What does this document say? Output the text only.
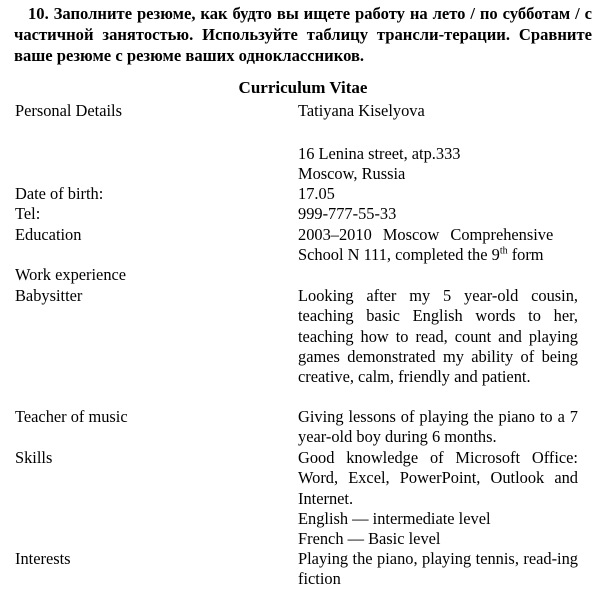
10. Заполните резюме, как будто вы ищете работу на лето / по субботам / с частичной занятостью. Используйте таблицу трансли-терации. Сравните ваше резюме с резюме ваших одноклассников.
Curriculum Vitae
Personal Details	Tatiyana Kiselyova
16 Lenina street, atp.333
Moscow, Russia
Date of birth:	17.05
Tel:	999-777-55-33
Education	2003–2010 Moscow Comprehensive
School N 111, completed the 9th form
Work experience
Babysitter	Looking after my 5 year-old cousin, teaching basic English words to her, teaching how to read, count and playing games demonstrated my ability of being creative, calm, friendly and patient.
Teacher of music	Giving lessons of playing the piano to a 7 year-old boy during 6 months.
Skills	Good knowledge of Microsoft Office: Word, Excel, PowerPoint, Outlook and Internet.
English — intermediate level
French — Basic level
Interests	Playing the piano, playing tennis, read-ing fiction
